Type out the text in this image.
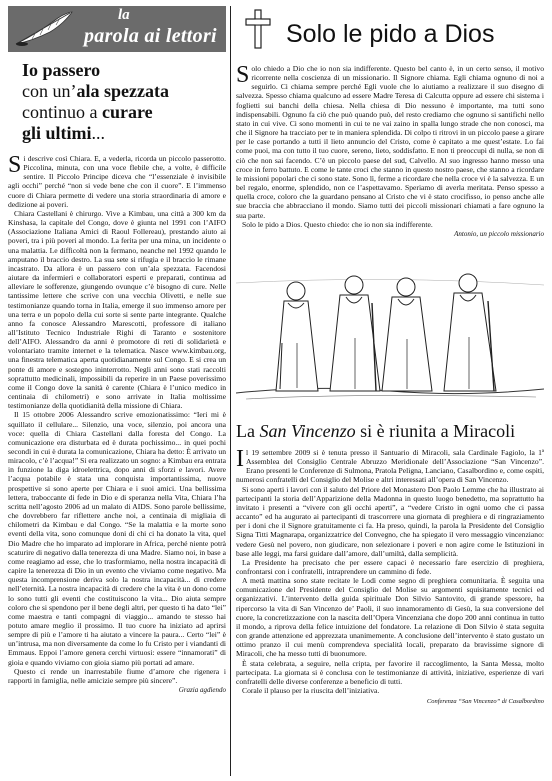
la
parola ai lettori
Io passero
con un’ala spezzata
continuo a curare
gli ultimi...

Si descrive così Chiara. E, a vederla, ricorda un piccolo passerotto. Piccolina, minuta, con una voce flebile che, a volte, è difficile sentire. Il Piccolo Principe diceva che “l’essenziale è invisibile agli occhi” perché “non si vede bene che con il cuore”. E l’immenso cuore di Chiara permette di vedere una storia straordinaria di amore e dedizione ai poveri.

Chiara Castellani è chirurgo. Vive a Kimbau, una città a 300 km da Kinshasa, la capitale del Congo, dove è giunta nel 1991 con l’AIFO (Associazione Italiana Amici di Raoul Follereau), prestando aiuto ai poveri, tra i più poveri al mondo. La ferita per una mina, un incidente o una malattia. Le difficoltà non la fermano, neanche nel 1992 quando le amputano il braccio destro. La sua sete si rifugia e il braccio le rimane incastrato. Da allora è un passero con un’ala spezzata. Facendosi aiutare da infermieri e collaboratori esperti e preparati, continua ad alleviare le sofferenze, giungendo ovunque c’è bisogno di cure. Nelle tantissime lettere che scrive con una vecchia Olivetti, e nelle sue testimonianze quando torna in Italia, emerge il suo immenso amore per una terra e un popolo della cui sorte si sente parte integrante. Qualche anno fa conosce Alessandro Marescotti, professore di italiano all’Istituto Tecnico Industriale Righi di Taranto e sostenitore dell’AIFO. Alessandro da anni è promotore di reti di solidarietà e volontariato tramite internet e la telematica. Nasce www.kimbau.org, una finestra telematica aperta quotidianamente sul Congo. E si crea un ponte di amore e sostegno ininterrotto. Negli anni sono stati raccolti soprattutto medicinali, impossibili da reperire in un Paese poverissimo come il Congo dove la sanità è carente (Chiara è l’unico medico in centinaia di chilometri) e sono arrivate in Italia moltissime testimonianze della quotidianità della missione di Chiara.

Il 15 ottobre 2006 Alessandro scrive emozionatissimo: “Ieri mi è squillato il cellulare... Silenzio, una voce, silenzio, poi ancora una voce: quella di Chiara Castellani dalla foresta del Congo. La comunicazione era disturbata ed è durata pochissimo... in quei pochi secondi in cui è durata la comunicazione, Chiara ha detto: È arrivato un miracolo, c’è l’acqua!” Si era realizzato un sogno: a Kimbau era entrata in funzione la diga idroelettrica, dopo anni di sforzi e lavori. Avere l’acqua potabile è stata una conquista importantissima, nuove prospettive si sono aperte per Chiara e i suoi amici. Una bellissima lettera, traboccante di fede in Dio e di speranza nella Vita, Chiara l’ha scritta nell’agosto 2006 ad un malato di AIDS. Sono parole bellissime, che dovrebbero far riflettere anche noi, a centinaia di migliaia di chilometri da Kimbau e dal Congo. “Se la malattia e la morte sono eventi della vita, sono comunque doni di chi ci ha donato la vita, quel Dio Madre che ho imparato ad implorare in Africa, perché niente potrà scaturire di negativo dalla tenerezza di una Madre. Siamo noi, in base a come reagiamo ad esse, che lo trasformiamo, nella nostra incapacità di capire la tenerezza di Dio in un evento che viviamo come negativo. Ma questa incomprensione deriva solo la nostra incapacità... di credere nell’eternità. La nostra incapacità di credere che la vita è un dono come lo sono tutti gli eventi che costituiscono la vita... Dio aiuta sempre coloro che si spendono per il bene degli altri, per questo ti ha dato “lei” come maestra e tanti compagni di viaggio... amando te stesso hai potuto amare meglio il prossimo. Il tuo cuore ha iniziato ad aprirsi sempre di più e l’amore ti ha aiutato a vincere la paura... Certo “lei” è un’intrusa, ma non diversamente da come lo fu Cristo per i viandanti di Emmaus. Eppoi l’amore genera cerchi virtuosi: essere “innamorati” di gioia e quando viviamo con gioia siamo più portati ad amare.

Questo ci rende un inarrestabile fiume d’amore che rigenera i rapporti in famiglia, nelle amicizie sempre più sincere”.

Grazia agdiendo
Solo le pido a Dios

Solo chiedo a Dio che io non sia indifferente. Questo bel canto è, in un certo senso, il motivo ricorrente nella coscienza di un missionario. Il Signore chiama. Egli chiama ognuno di noi a seguirlo. Ci chiama sempre perché Egli vuole che lo aiutiamo a realizzare il suo disegno di salvezza. Spesso chiama qualcuno ad essere Madre Teresa di Calcutta oppure ad essere chi sistema i foglietti sui banchi della chiesa. Nella chiesa di Dio nessuno è importante, ma tutti sono indispensabili. Ognuno fa ciò che può quando può, del resto crediamo che ognuno si santifichi nello stato in cui vive. Ci sono momenti in cui te ne vai zaino in spalla lungo strade che non conosci, ma che il Signore ha tracciato per te in maniera splendida. Di colpo ti ritrovi in un piccolo paese a girare per le case portando a tutti il lieto annuncio del Cristo, come è capitato a me quest’estate. Lo fai come puoi, ma con tutto il tuo cuore, sereno, lieto, soddisfatto. E non ti preoccupi di nulla, se non di ciò che non sai facendo. C’è un piccolo paese del sud, Calvello. Al suo ingresso hanno messo una croce in ferro battuto. E come le tante croci che stanno in questo nostro paese, che stanno a ricordare le missioni popolari che ci sono state. Sono lì, ferme a ricordare che nella croce vi è la salvezza. E un bel regalo, enorme, splendido, non ce l’aspettavamo. Speriamo di averla meritata. Penso spesso a quella croce, coloro che la guardano pensano al Cristo che vi è stato crocifisso, io penso anche alle sue braccia che abbracciano il mondo. Siamo tutti dei piccoli missionari chiamati a fare ognuno la sua parte.

Solo le pido a Dios. Questo chiedo: che io non sia indifferente.

Antonio, un piccolo missionario
La San Vincenzo si è riunita a Miracoli

Il 19 settembre 2009 si è tenuta presso il Santuario di Miracoli, sala Cardinale Fagiolo, la 1ª Assemblea del Consiglio Centrale Abruzzo Meridionale dell’Associazione “San Vincenzo”. Erano presenti le Conferenze di Sulmona, Pratola Peligna, Lanciano, Casalbordino e, come ospiti, numerosi confratelli del Consiglio del Molise e altri interessati all’opera di San Vincenzo.

Si sono aperti i lavori con il saluto del Priore del Monastero Don Paolo Lemme che ha illustrato ai partecipanti la storia dell’Apparizione della Madonna in questo luogo benedetto, ma soprattutto ha invitato i presenti a “vivere con gli occhi aperti”, a “vedere Cristo in ogni uomo che ci passa accanto” ed ha augurato ai partecipanti di trascorrere una giornata di preghiera e di ringraziamento per i doni che il Signore gratuitamente ci fa. Ha preso, quindi, la parola la Presidente del Consiglio Signa Titti Magnarapa, organizzatrice del Convegno, che ha spiegato il vero messaggio vincenziano: vedere Gesù nel povero, non giudicare, non selezionare i poveri e non agire come le Istituzioni in base alle leggi, ma farsi guidare dall’amore, dall’umiltà, dalla semplicità.

La Presidente ha precisato che per essere capaci è necessario fare esercizio di preghiera, confrontarsi con i confratelli, intraprendere un cammino di fede.

A metà mattina sono state recitate le Lodi come segno di preghiera comunitaria. È seguita una comunicazione del Presidente del Consiglio del Molise su argomenti squisitamente tecnici ed organizzativi. L’intervento della guida spirituale Don Silvio Santovito, di grande spessore, ha ripercorso la vita di San Vincenzo de’ Paoli, il suo innamoramento di Gesù, la sua conversione del cuore, la concretizzazione con la nascita dell’Opera Vincenziana che dopo 200 anni continua in tutto il mondo, a riprova della felice intuizione del fondatore. La relazione di Don Silvio è stata seguita con grande attenzione ed apprezzata unanimemente. A conclusione dell’intervento è stato gustato un ottimo pranzo il cui menù comprendeva specialità locali, preparato da bravissime signore di Miracoli, che ha messo tutti di buonumore.

È stata celebrata, a seguire, nella cripta, per favorire il raccoglimento, la Santa Messa, molto partecipata. La giornata si è conclusa con le testimonianze di attività, iniziative, esperienze di vari confratelli delle diverse conferenze a beneficio di tutti.

Corale il plauso per la riuscita dell’iniziativa.

Conferenza “San Vincenzo” di Casalbordino
